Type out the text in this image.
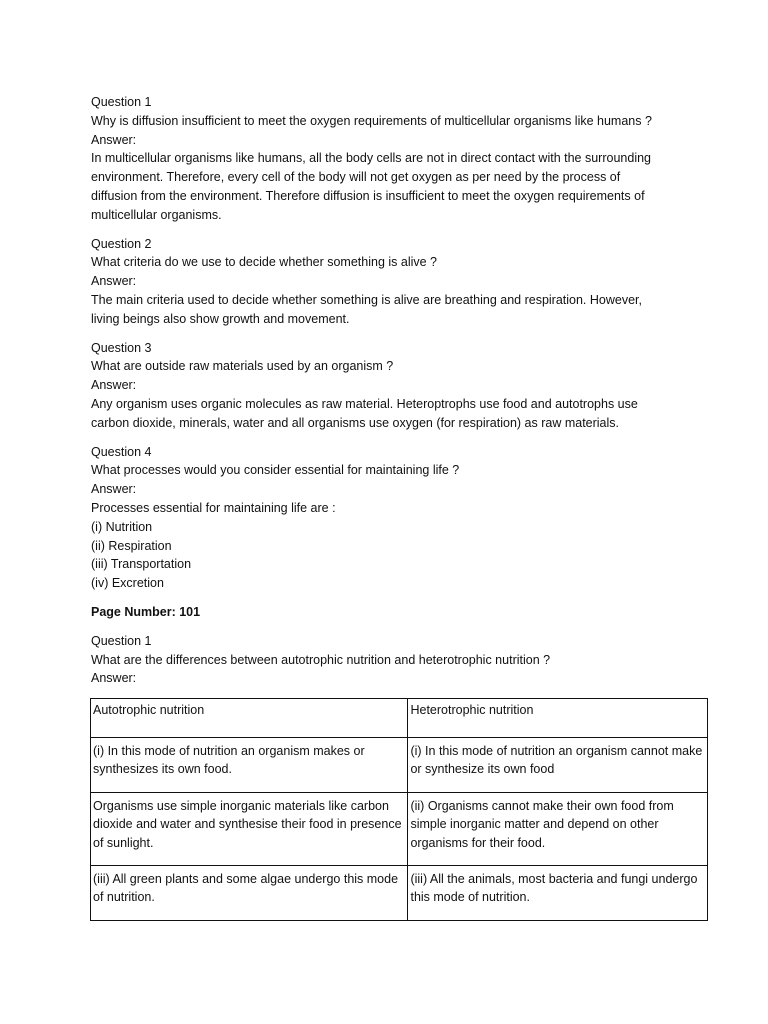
Question 1
Why is diffusion insufficient to meet the oxygen requirements of multicellular organisms like humans ?
Answer:
In multicellular organisms like humans, all the body cells are not in direct contact with the surrounding
environment. Therefore, every cell of the body will not get oxygen as per need by the process of
diffusion from the environment. Therefore diffusion is insufficient to meet the oxygen requirements of
multicellular organisms.
Question 2
What criteria do we use to decide whether something is alive ?
Answer:
The main criteria used to decide whether something is alive are breathing and respiration. However,
living beings also show growth and movement.
Question 3
What are outside raw materials used by an organism ?
Answer:
Any organism uses organic molecules as raw material. Heteroptrophs use food and autotrophs use
carbon dioxide, minerals, water and all organisms use oxygen (for respiration) as raw materials.
Question 4
What processes would you consider essential for maintaining life ?
Answer:
Processes essential for maintaining life are :
(i) Nutrition
(ii) Respiration
(iii) Transportation
(iv) Excretion
Page Number: 101
Question 1
What are the differences between autotrophic nutrition and heterotrophic nutrition ?
Answer:
Autotrophic nutrition	Heterotrophic nutrition
(i) In this mode of nutrition an organism makes or synthesizes its own food.	(i) In this mode of nutrition an organism cannot make or synthesize its own food
Organisms use simple inorganic materials like carbon dioxide and water and synthesise their food in presence of sunlight.	(ii) Organisms cannot make their own food from simple inorganic matter and depend on other organisms for their food.
(iii) All green plants and some algae undergo this mode of nutrition.	(iii) All the animals, most bacteria and fungi undergo this mode of nutrition.
